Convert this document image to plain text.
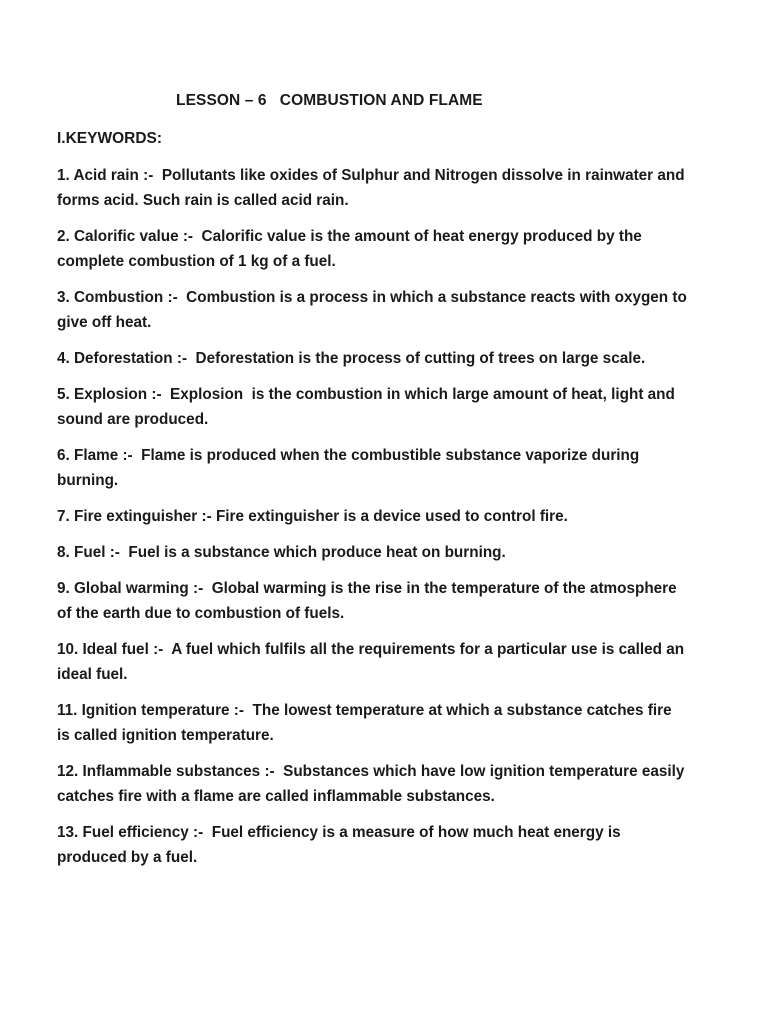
LESSON – 6   COMBUSTION AND FLAME
I.KEYWORDS:

1. Acid rain :- Pollutants like oxides of Sulphur and Nitrogen dissolve in rainwater and forms acid. Such rain is called acid rain.

2. Calorific value :- Calorific value is the amount of heat energy produced by the complete combustion of 1 kg of a fuel.

3. Combustion :- Combustion is a process in which a substance reacts with oxygen to give off heat.

4. Deforestation :- Deforestation is the process of cutting of trees on large scale.

5. Explosion :- Explosion  is the combustion in which large amount of heat, light and sound are produced.

6. Flame :- Flame is produced when the combustible substance vaporize during burning.

7. Fire extinguisher :- Fire extinguisher is a device used to control fire.

8. Fuel :- Fuel is a substance which produce heat on burning.

9. Global warming :- Global warming is the rise in the temperature of the atmosphere of the earth due to combustion of fuels.

10. Ideal fuel :- A fuel which fulfils all the requirements for a particular use is called an ideal fuel.

11. Ignition temperature :- The lowest temperature at which a substance catches fire is called ignition temperature.

12. Inflammable substances :- Substances which have low ignition temperature easily catches fire with a flame are called inflammable substances.

13. Fuel efficiency :- Fuel efficiency is a measure of how much heat energy is produced by a fuel.
